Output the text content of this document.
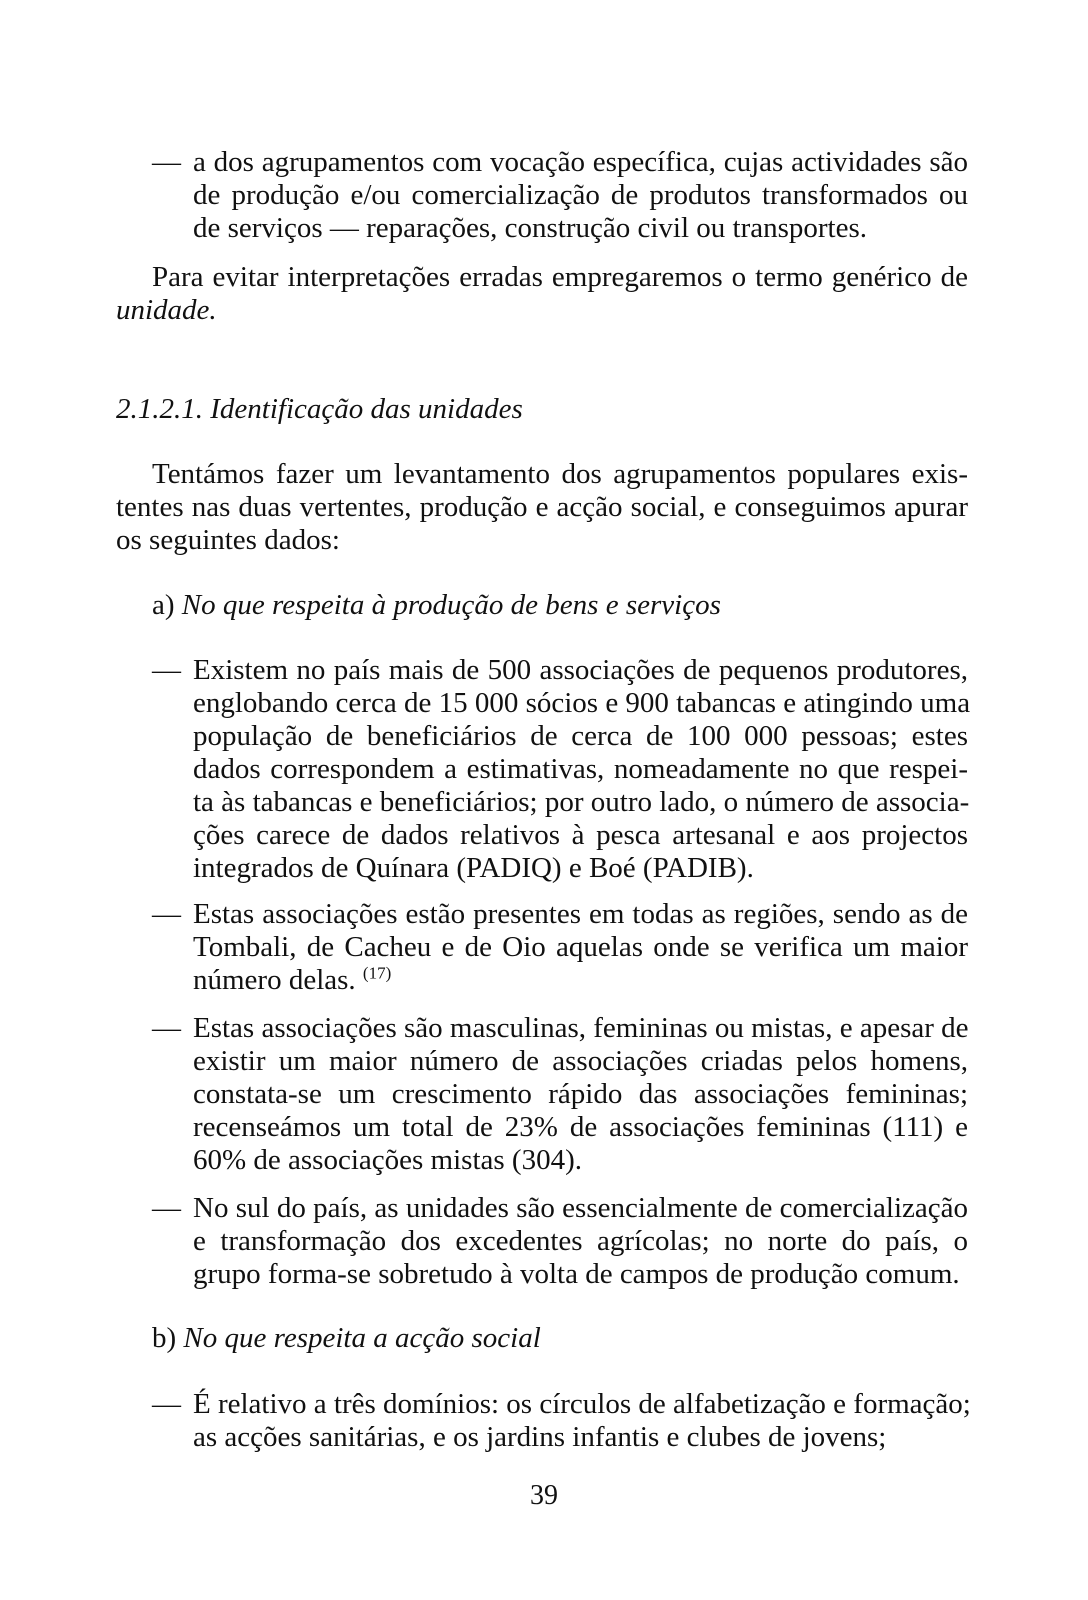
— a dos agrupamentos com vocação específica, cujas actividades são
de produção e/ou comercialização de produtos transformados ou
de serviços — reparações, construção civil ou transportes.
Para evitar interpretações erradas empregaremos o termo genérico de
unidade.
2.1.2.1. Identificação das unidades
Tentámos fazer um levantamento dos agrupamentos populares exis-
tentes nas duas vertentes, produção e acção social, e conseguimos apurar
os seguintes dados:
a) No que respeita à produção de bens e serviços
— Existem no país mais de 500 associações de pequenos produtores,
englobando cerca de 15 000 sócios e 900 tabancas e atingindo uma
população de beneficiários de cerca de 100 000 pessoas; estes
dados correspondem a estimativas, nomeadamente no que respei-
ta às tabancas e beneficiários; por outro lado, o número de associa-
ções carece de dados relativos à pesca artesanal e aos projectos
integrados de Quínara (PADIQ) e Boé (PADIB).
— Estas associações estão presentes em todas as regiões, sendo as de
Tombali, de Cacheu e de Oio aquelas onde se verifica um maior
número delas. $^{(17)}$
— Estas associações são masculinas, femininas ou mistas, e apesar de
existir um maior número de associações criadas pelos homens,
constata-se um crescimento rápido das associações femininas;
recenseámos um total de 23% de associações femininas (111) e
60% de associações mistas (304).
— No sul do país, as unidades são essencialmente de comercialização
e transformação dos excedentes agrícolas; no norte do país, o
grupo forma-se sobretudo à volta de campos de produção comum.
b) No que respeita a acção social
— É relativo a três domínios: os círculos de alfabetização e formação;
as acções sanitárias, e os jardins infantis e clubes de jovens;
39
